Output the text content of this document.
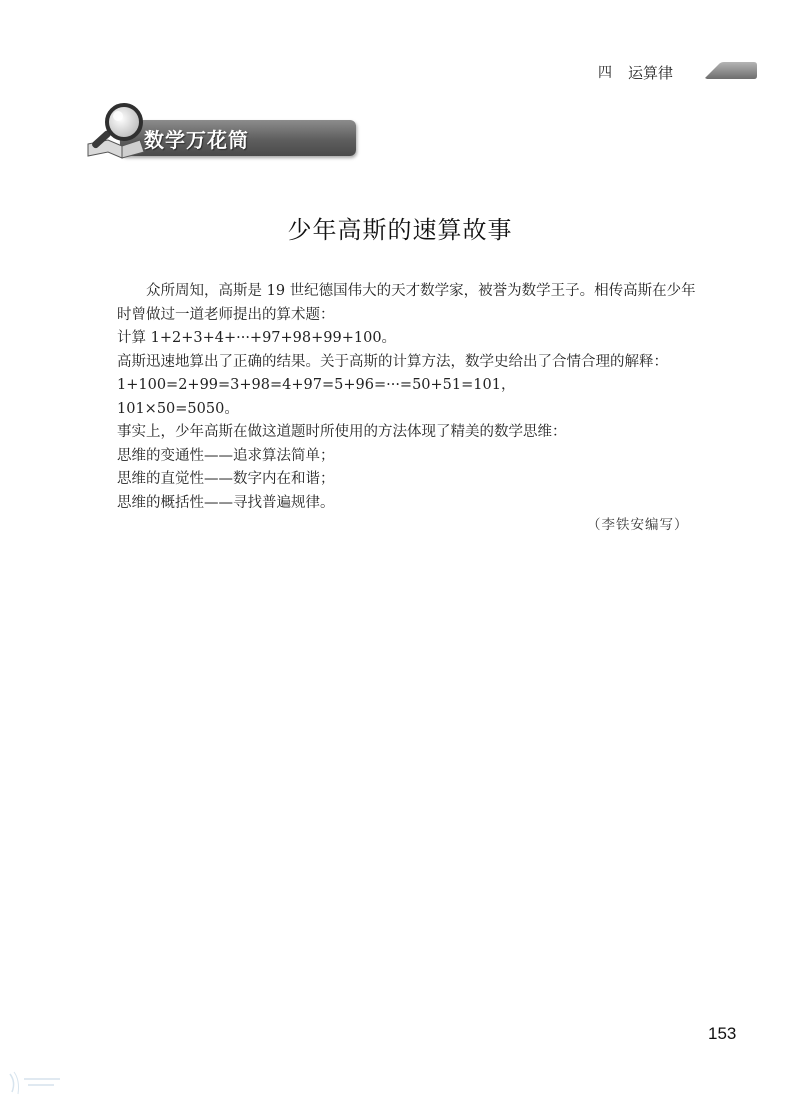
四 运算律
数学万花筒
少年高斯的速算故事

众所周知，高斯是 19 世纪德国伟大的天才数学家，被誉为数学王子。相传高斯在少年

时曾做过一道老师提出的算术题：

计算 1+2+3+4+···+97+98+99+100。

高斯迅速地算出了正确的结果。关于高斯的计算方法，数学史给出了合情合理的解释：

1+100=2+99=3+98=4+97=5+96=···=50+51=101，

101×50=5050。

事实上，少年高斯在做这道题时所使用的方法体现了精美的数学思维：

思维的变通性——追求算法简单；

思维的直觉性——数字内在和谐；

思维的概括性——寻找普遍规律。

（李铁安编写）
153
